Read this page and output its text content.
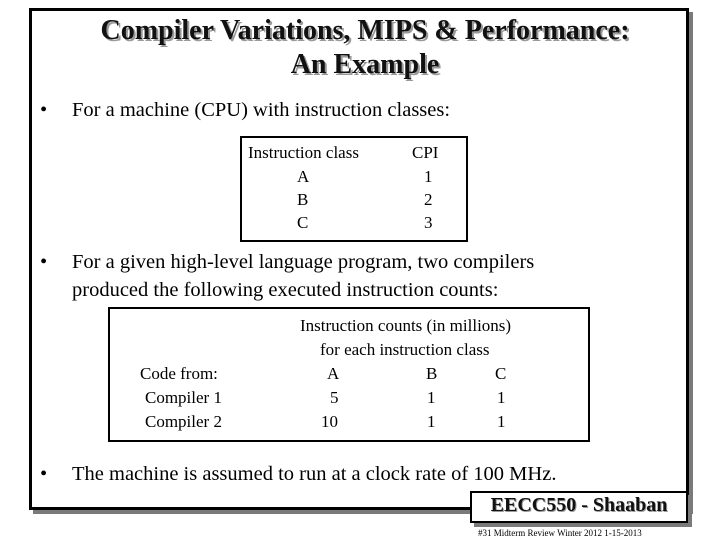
Compiler Variations, MIPS & Performance:
An Example
• For a machine (CPU) with instruction classes:
Instruction class	CPI
A	1
B	2
C	3
• For a given high-level language program, two compilers
produced the following executed instruction counts:
Instruction counts (in millions)
for each instruction class
Code from:	A	B	C
Compiler 1	5	1	1
Compiler 2	10	1	1
• The machine is assumed to run at a clock rate of 100 MHz.
EECC550 - Shaaban
#31 Midterm Review Winter 2012 1-15-2013
